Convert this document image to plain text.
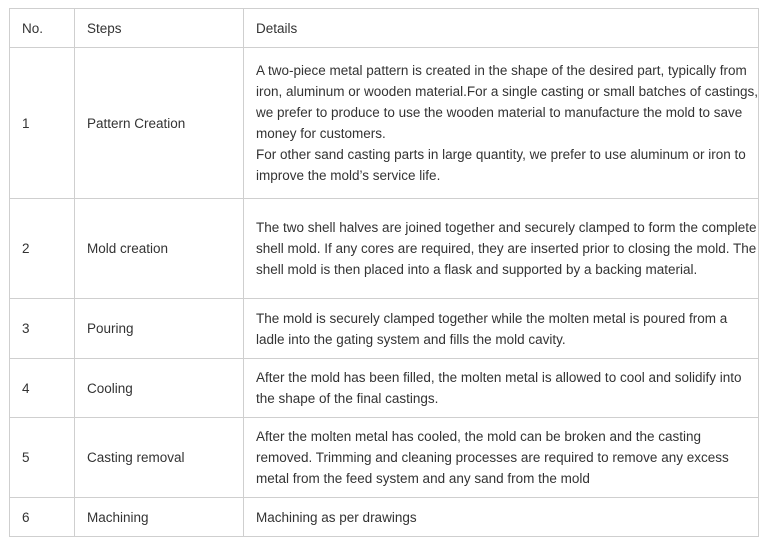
No.	Steps	Details
1	Pattern Creation	A two-piece metal pattern is created in the shape of the desired part, typically from iron, aluminum or wooden material.For a single casting or small batches of castings, we prefer to produce to use the wooden material to manufacture the mold to save money for customers.

For other sand casting parts in large quantity, we prefer to use aluminum or iron to improve the mold’s service life.

2	Mold creation	The two shell halves are joined together and securely clamped to form the complete shell mold. If any cores are required, they are inserted prior to closing the mold. The shell mold is then placed into a flask and supported by a backing material.

3	Pouring	The mold is securely clamped together while the molten metal is poured from a ladle into the gating system and fills the mold cavity.

4	Cooling	After the mold has been filled, the molten metal is allowed to cool and solidify into the shape of the final castings.

5	Casting removal	After the molten metal has cooled, the mold can be broken and the casting removed. Trimming and cleaning processes are required to remove any excess metal from the feed system and any sand from the mold

6	Machining	Machining as per drawings
